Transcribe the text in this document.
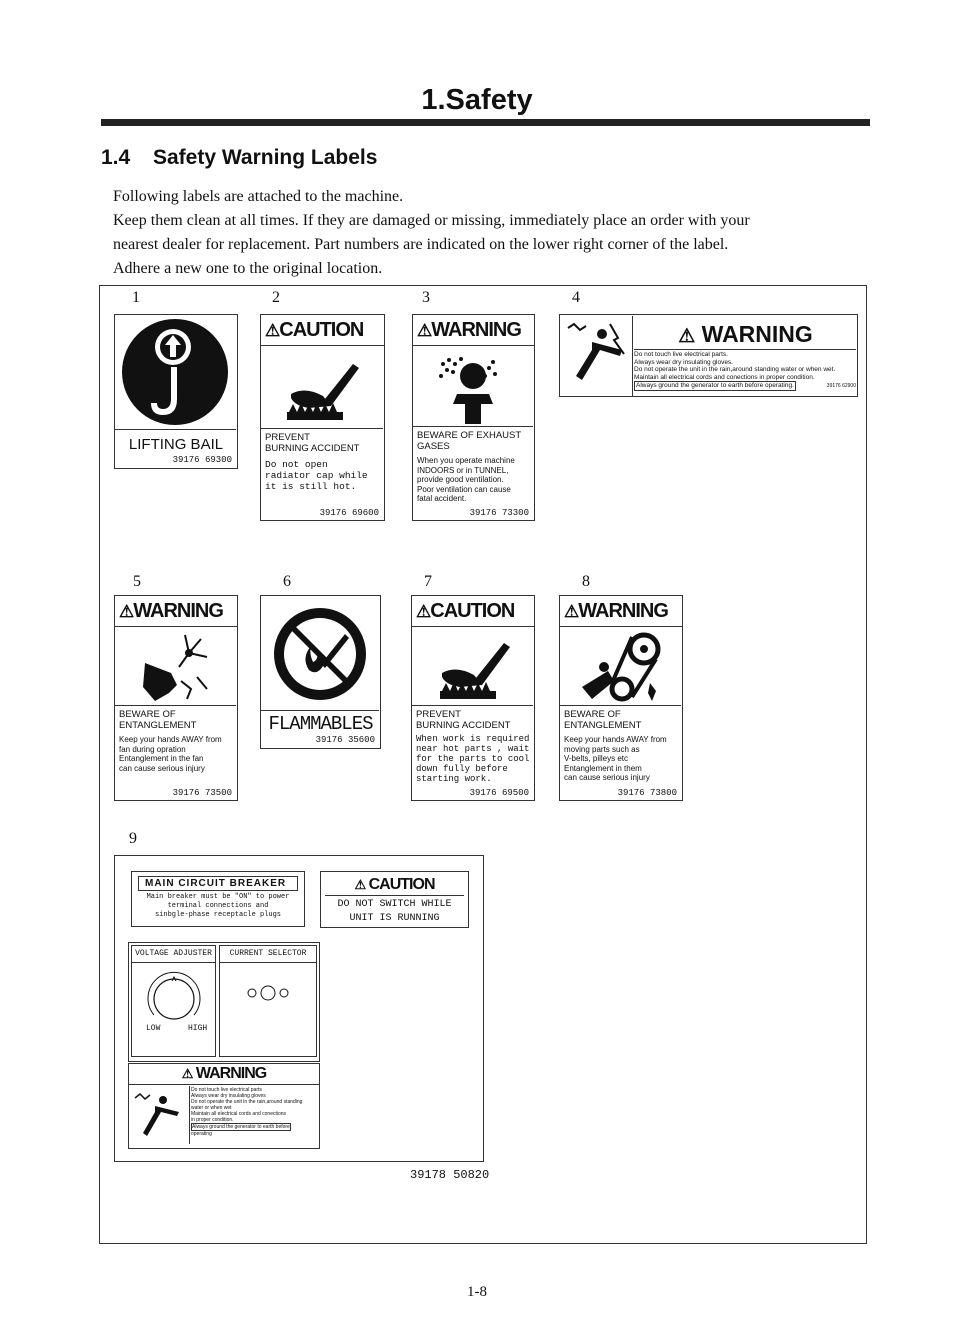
1.Safety
1.4 Safety Warning Labels

Following labels are attached to the machine.

Keep them clean at all times. If they are damaged or missing, immediately place an order with your

nearest dealer for replacement. Part numbers are indicated on the lower right corner of the label.

Adhere a new one to the original location.

1	2	3	4
LIFTING BAIL
39176 69300
⚠CAUTION
PREVENT
BURNING ACCIDENT
Do not open
radiator cap while
it is still hot.
39176 69600
⚠WARNING
BEWARE OF EXHAUST
GASES
When you operate machine
INDOORS or in TUNNEL,
provide good ventilation.
Poor ventilation can cause
fatal accident.
39176 73300
⚠ WARNING
Do not touch live electrical parts.
Always wear dry insulating gloves.
Do not operate the unit in the rain,around standing water or when wet.
Maintain all electrical cords and conections in proper condition.
Always ground the generator to earth before operating.	39176 62900
5	6	7	8
⚠WARNING
BEWARE OF
ENTANGLEMENT
Keep your hands AWAY from
fan during opration
Entanglement in the fan
can cause serious injury
39176 73500
FLAMMABLES
39176 35600
⚠CAUTION
PREVENT
BURNING ACCIDENT
When work is required
near hot parts , wait
for the parts to cool
down fully before
starting work.
39176 69500
⚠WARNING
BEWARE OF
ENTANGLEMENT
Keep your hands AWAY from
moving parts such as
V-belts, pilleys etc
Entanglement in them
can cause serious injury
39176 73800
9
MAIN CIRCUIT BREAKER
Main breaker must be "ON" to power
terminal connections and
sinbgle-phase receptacle plugs
⚠ CAUTION
DO NOT SWITCH WHILE
UNIT IS RUNNING
VOLTAGE ADJUSTER
LOW	HIGH
CURRENT SELECTOR
⚠ WARNING
Do not touch live electrical parts
Always wear dry insulating gloves
Do not operate the unit in the rain,around standing
water or when wet
Maintain all electrical cords and conections
in proper condition.
Always ground the generator to earth before
operating
39178 50820
1-8
